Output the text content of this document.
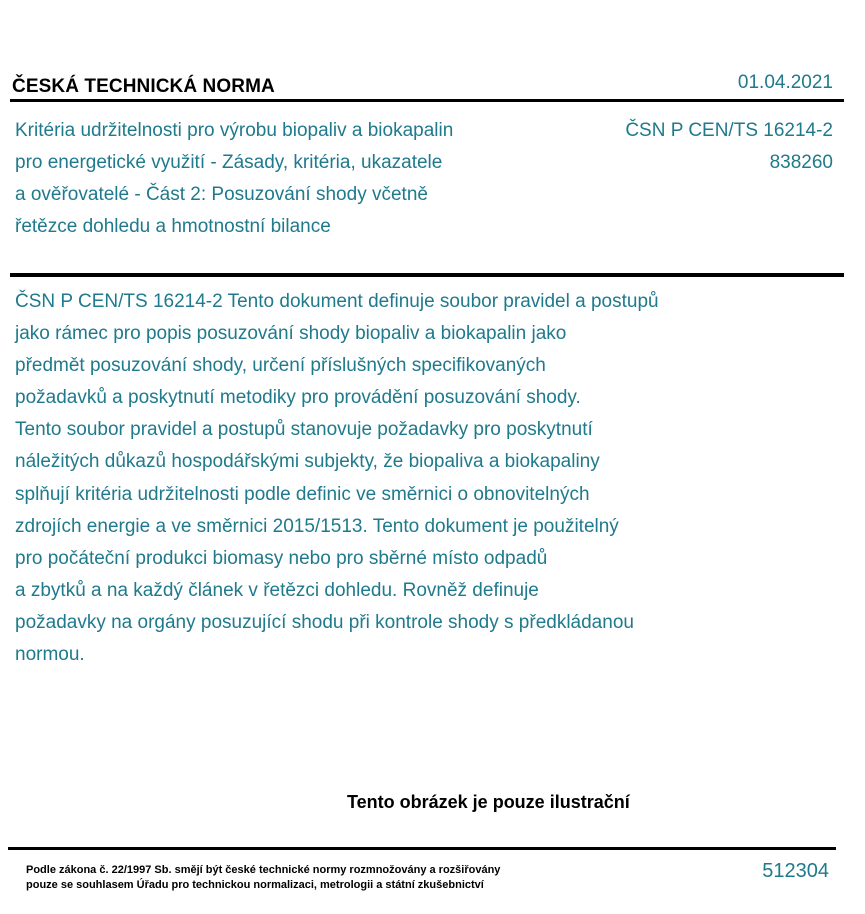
ČESKÁ TECHNICKÁ NORMA	01.04.2021
Kritéria udržitelnosti pro výrobu biopaliv a biokapalin
pro energetické využití - Zásady, kritéria, ukazatele
a ověřovatelé - Část 2: Posuzování shody včetně
řetězce dohledu a hmotnostní bilance
ČSN P CEN/TS 16214-2
838260

ČSN P CEN/TS 16214-2 Tento dokument definuje soubor pravidel a postupů
jako rámec pro popis posuzování shody biopaliv a biokapalin jako
předmět posuzování shody, určení příslušných specifikovaných
požadavků a poskytnutí metodiky pro provádění posuzování shody.
Tento soubor pravidel a postupů stanovuje požadavky pro poskytnutí
náležitých důkazů hospodářskými subjekty, že biopaliva a biokapaliny
splňují kritéria udržitelnosti podle definic ve směrnici o obnovitelných
zdrojích energie a ve směrnici 2015/1513. Tento dokument je použitelný
pro počáteční produkci biomasy nebo pro sběrné místo odpadů
a zbytků a na každý článek v řetězci dohledu. Rovněž definuje
požadavky na orgány posuzující shodu při kontrole shody s předkládanou
normou.

Tento obrázek je pouze ilustrační
Podle zákona č. 22/1997 Sb. smějí být české technické normy rozmnožovány a rozšiřovány
pouze se souhlasem Úřadu pro technickou normalizaci, metrologii a státní zkušebnictví
512304
